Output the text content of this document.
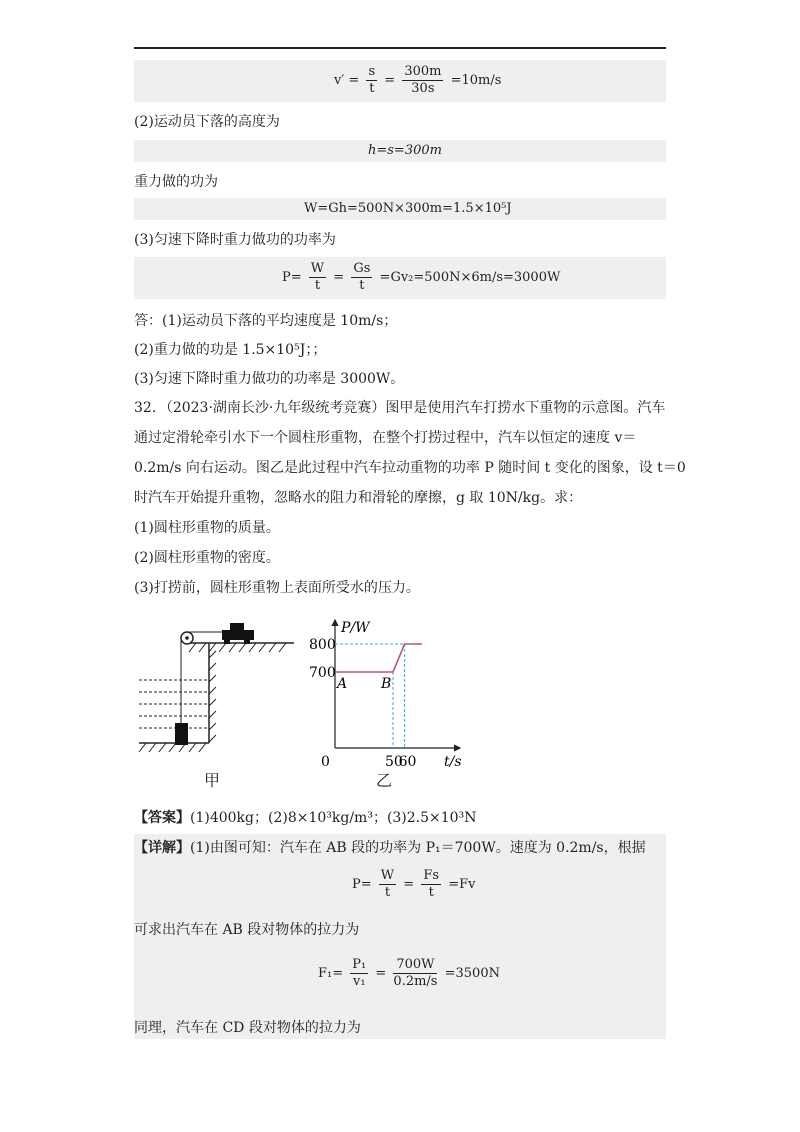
$v' = \frac{s}{t} = \frac{300m}{30s} =10m/s$
(2)运动员下落的高度为
h=s=300m
重力做的功为
W=Gh=500N×300m=1.5×10⁵J
(3)匀速下降时重力做功的功率为
$P= \frac{W}{t} = \frac{Gs}{t} =Gv_2=500N\times 6m/s=3000W$
答：(1)运动员下落的平均速度是 10m/s；
(2)重力做的功是 1.5×10⁵J；；
(3)匀速下降时重力做功的功率是 3000W。
32．（2023·湖南长沙·九年级统考竞赛）图甲是使用汽车打捞水下重物的示意图。汽车
通过定滑轮牵引水下一个圆柱形重物，在整个打捞过程中，汽车以恒定的速度 v＝
0.2m/s 向右运动。图乙是此过程中汽车拉动重物的功率 P 随时间 t 变化的图象，设 t＝0
时汽车开始提升重物，忽略水的阻力和滑轮的摩擦，g 取 10N/kg。求：
(1)圆柱形重物的质量。
(2)圆柱形重物的密度。
(3)打捞前，圆柱形重物上表面所受水的压力。
甲
800
700
50
60
0
P/W
t/s
A B
乙
【答案】(1)400kg；(2)8×10³kg/m³；(3)2.5×10³N
【详解】(1)由图可知：汽车在 AB 段的功率为 P₁＝700W。速度为 0.2m/s，根据
$P= \frac{W}{t} = \frac{Fs}{t} =Fv$
可求出汽车在 AB 段对物体的拉力为
$F_1= \frac{\text{P₁}}{\text{v₁}} = \frac{700W}{0.2m/s} =3500N$
同理，汽车在 CD 段对物体的拉力为
